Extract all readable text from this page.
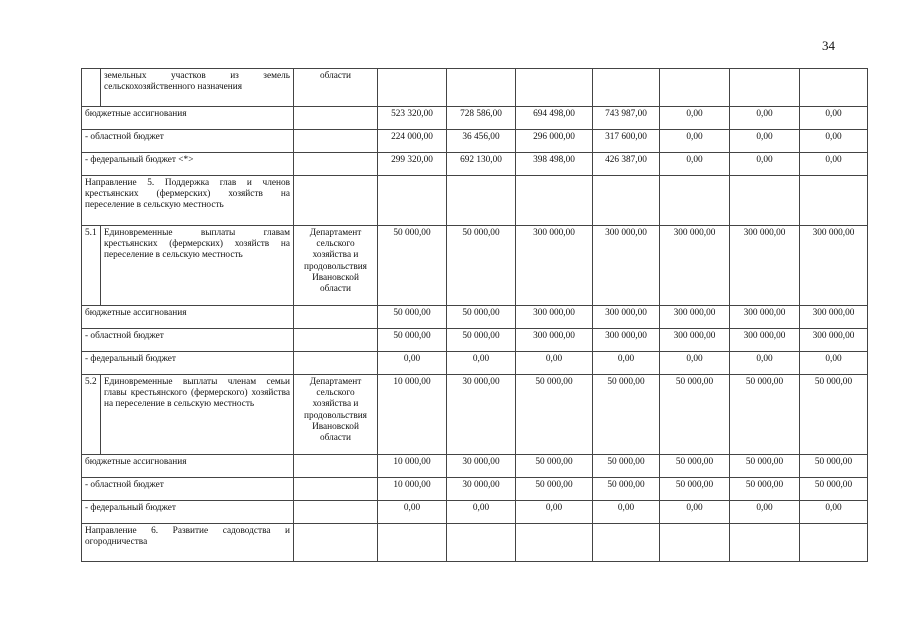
34
	земельных участков из земель сельскохозяйственного назначения	области							
бюджетные ассигнования			523 320,00	728 586,00	694 498,00	743 987,00	0,00	0,00	0,00
- областной бюджет			224 000,00	36 456,00	296 000,00	317 600,00	0,00	0,00	0,00
- федеральный бюджет <*>			299 320,00	692 130,00	398 498,00	426 387,00	0,00	0,00	0,00
Направление 5. Поддержка глав и членов крестьянских (фермерских) хозяйств на переселение в сельскую местность									
5.1	Единовременные выплаты главам крестьянских (фермерских) хозяйств на переселение в сельскую местность	Департамент сельского хозяйства и продовольствия Ивановской области	50 000,00	50 000,00	300 000,00	300 000,00	300 000,00	300 000,00	300 000,00
бюджетные ассигнования			50 000,00	50 000,00	300 000,00	300 000,00	300 000,00	300 000,00	300 000,00
- областной бюджет			50 000,00	50 000,00	300 000,00	300 000,00	300 000,00	300 000,00	300 000,00
- федеральный бюджет			0,00	0,00	0,00	0,00	0,00	0,00	0,00
5.2	Единовременные выплаты членам семьи главы крестьянского (фермерского) хозяйства на переселение в сельскую местность	Департамент сельского хозяйства и продовольствия Ивановской области	10 000,00	30 000,00	50 000,00	50 000,00	50 000,00	50 000,00	50 000,00
бюджетные ассигнования			10 000,00	30 000,00	50 000,00	50 000,00	50 000,00	50 000,00	50 000,00
- областной бюджет			10 000,00	30 000,00	50 000,00	50 000,00	50 000,00	50 000,00	50 000,00
- федеральный бюджет			0,00	0,00	0,00	0,00	0,00	0,00	0,00
Направление 6. Развитие садоводства и огородничества									
